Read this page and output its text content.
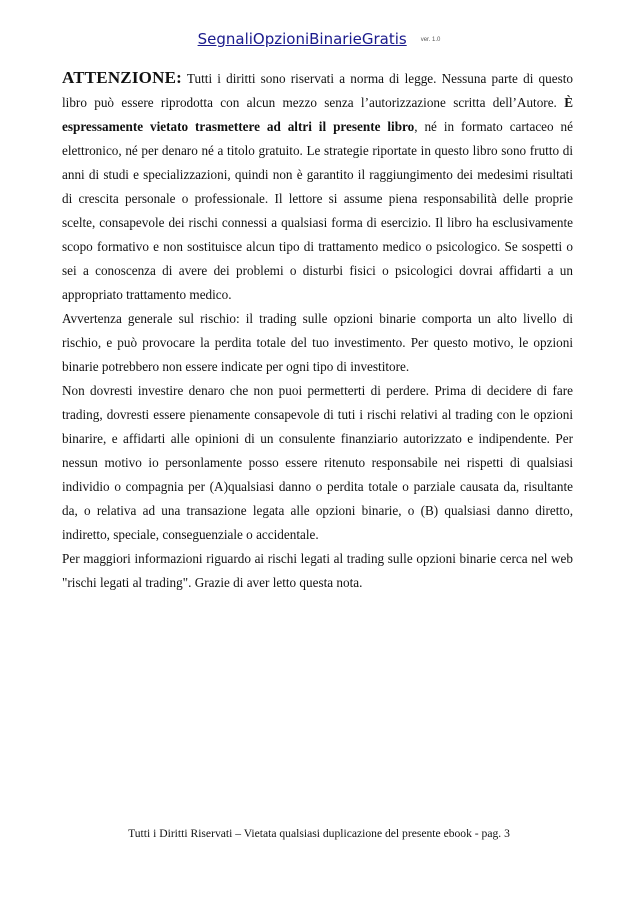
SegnaliOpzioniBinarieGratis ver. 1.0

ATTENZIONE: Tutti i diritti sono riservati a norma di legge. Nessuna parte di questo libro può essere riprodotta con alcun mezzo senza l’autorizzazione scritta dell’Autore. È espressamente vietato trasmettere ad altri il presente libro, né in formato cartaceo né elettronico, né per denaro né a titolo gratuito. Le strategie riportate in questo libro sono frutto di anni di studi e specializzazioni, quindi non è garantito il raggiungimento dei medesimi risultati di crescita personale o professionale. Il lettore si assume piena responsabilità delle proprie scelte, consapevole dei rischi connessi a qualsiasi forma di esercizio. Il libro ha esclusivamente scopo formativo e non sostituisce alcun tipo di trattamento medico o psicologico. Se sospetti o sei a conoscenza di avere dei problemi o disturbi fisici o psicologici dovrai affidarti a un appropriato trattamento medico.

Avvertenza generale sul rischio: il trading sulle opzioni binarie comporta un alto livello di rischio, e può provocare la perdita totale del tuo investimento. Per questo motivo, le opzioni binarie potrebbero non essere indicate per ogni tipo di investitore.

Non dovresti investire denaro che non puoi permetterti di perdere. Prima di decidere di fare trading, dovresti essere pienamente consapevole di tuti i rischi relativi al trading con le opzioni binarire, e affidarti alle opinioni di un consulente finanziario autorizzato e indipendente. Per nessun motivo io personlamente posso essere ritenuto responsabile nei rispetti di qualsiasi individio o compagnia per (A)qualsiasi danno o perdita totale o parziale causata da, risultante da, o relativa ad una transazione legata alle opzioni binarie, o (B) qualsiasi danno diretto, indiretto, speciale, conseguenziale o accidentale.

Per maggiori informazioni riguardo ai rischi legati al trading sulle opzioni binarie cerca nel web "rischi legati al trading". Grazie di aver letto questa nota.

Tutti i Diritti Riservati – Vietata qualsiasi duplicazione del presente ebook - pag. 3
